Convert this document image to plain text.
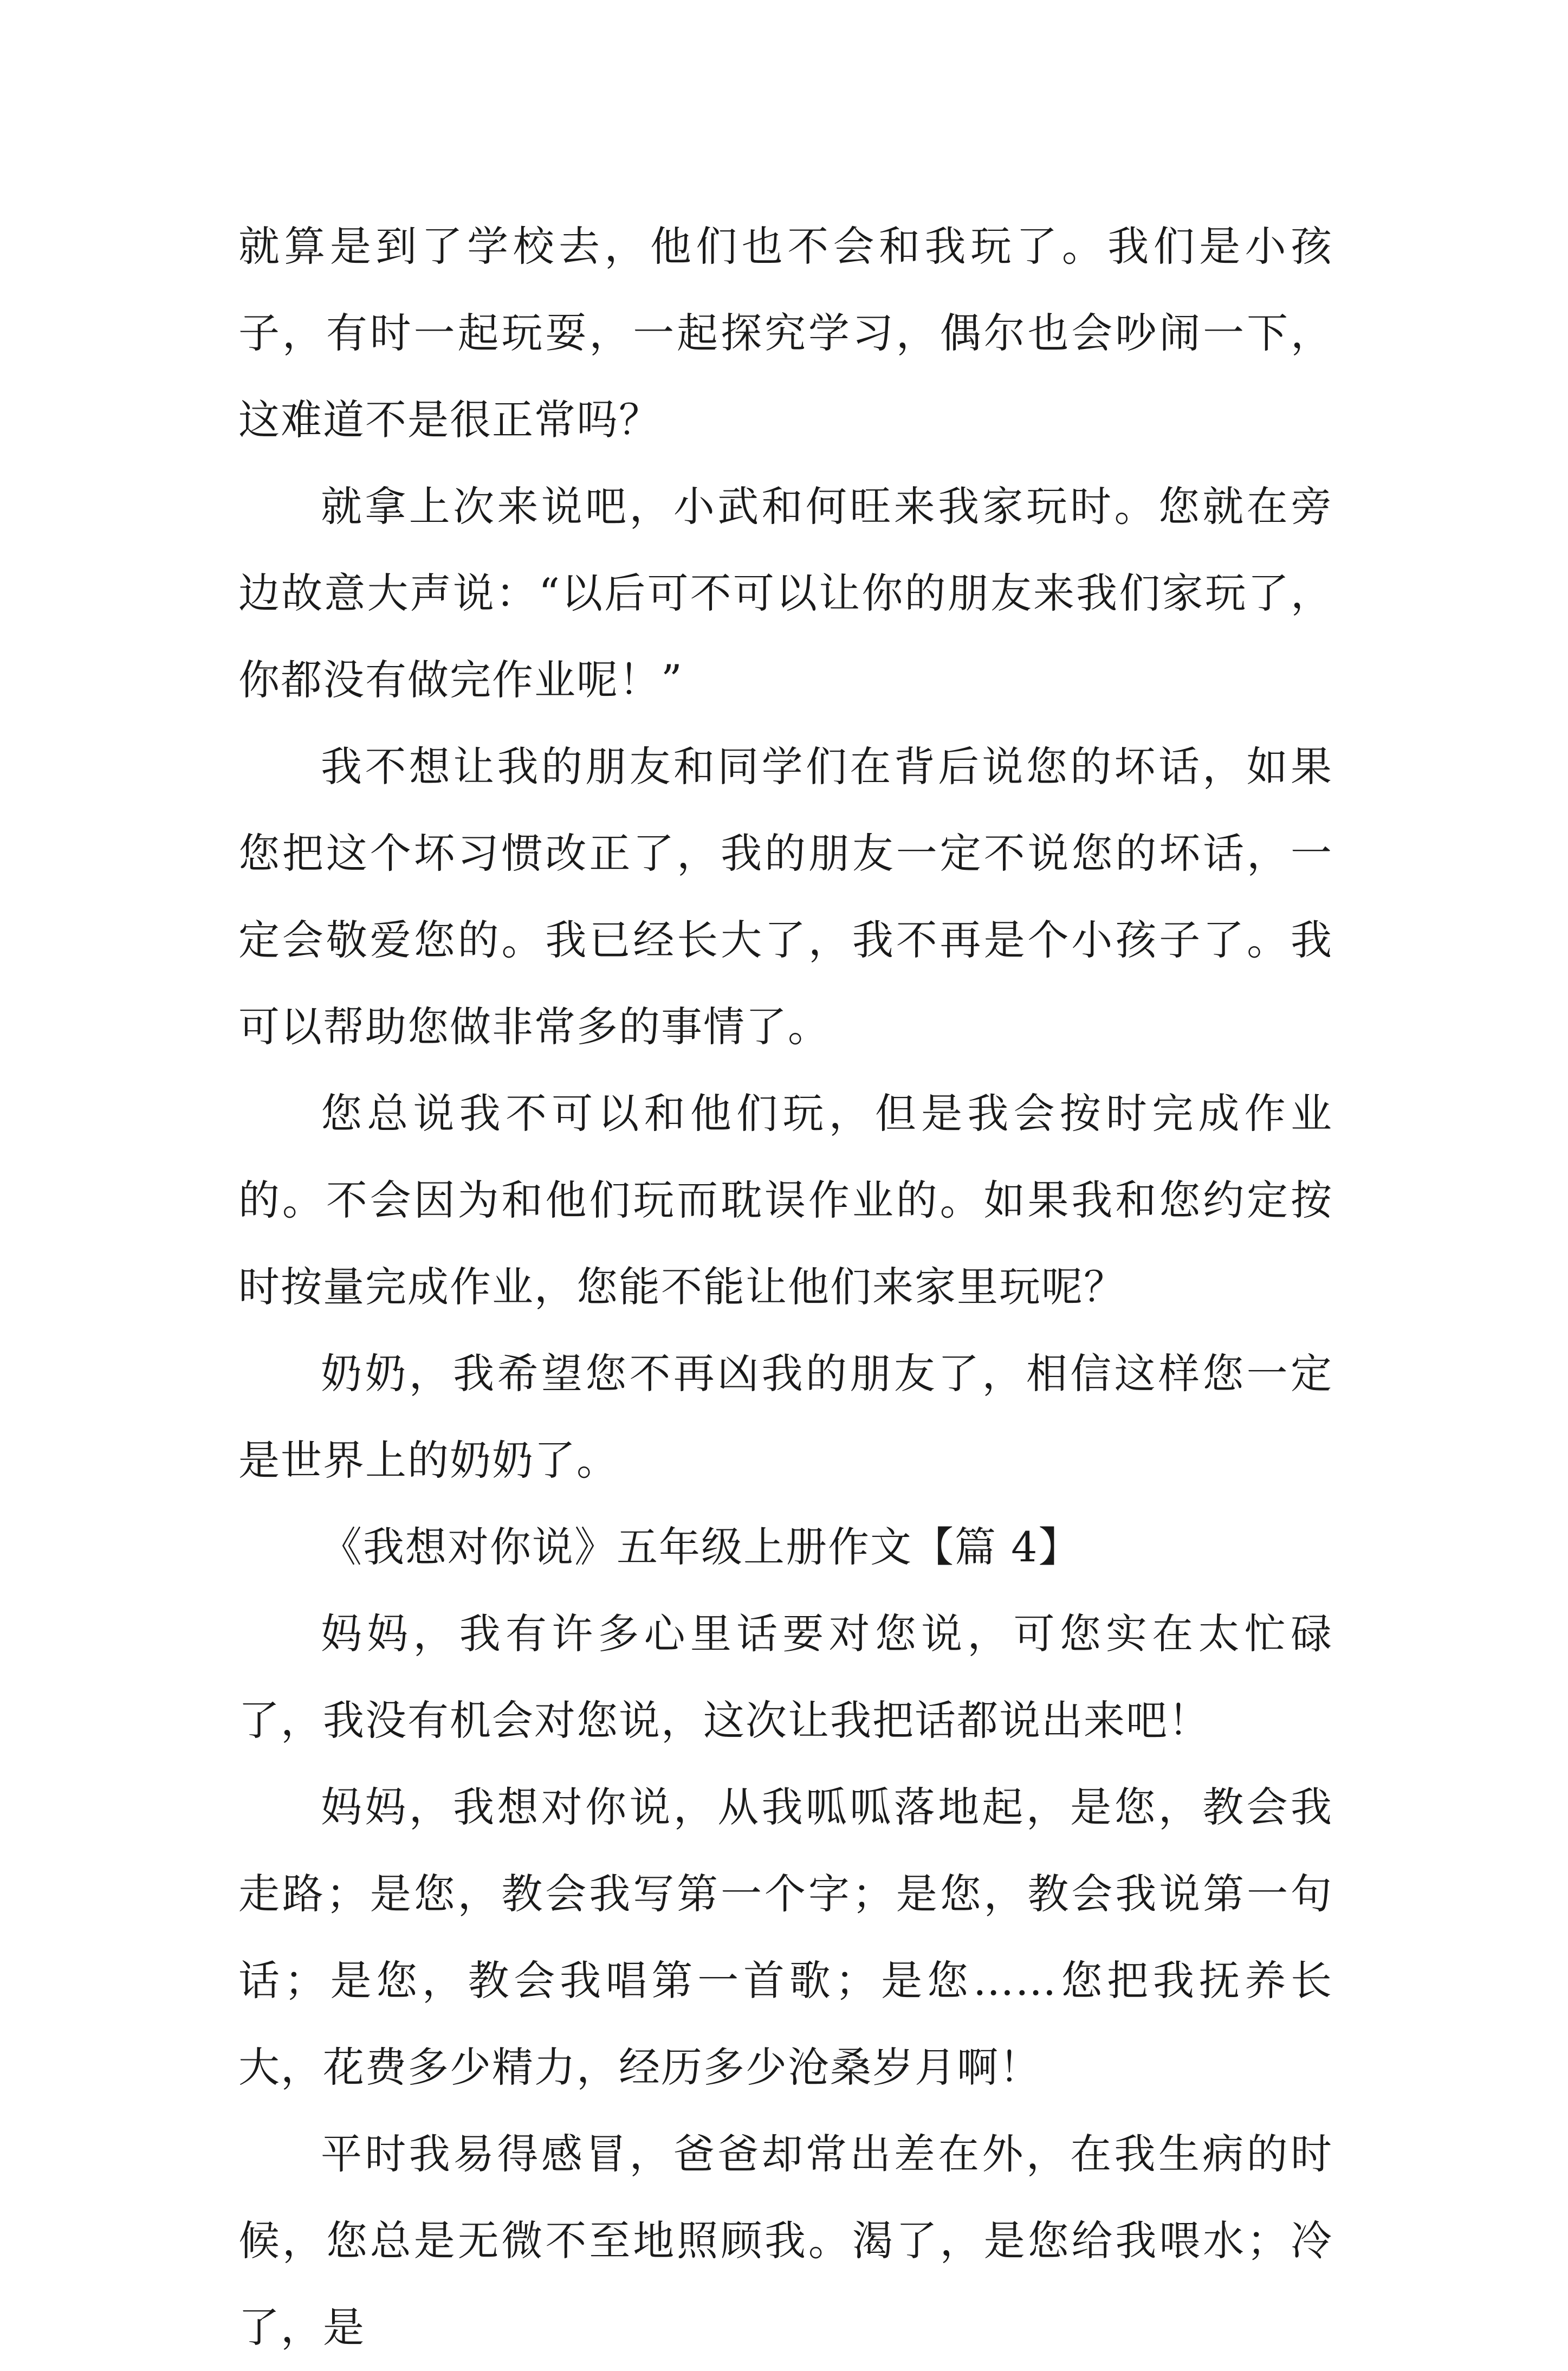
就算是到了学校去，他们也不会和我玩了。我们是小孩子，有时一起玩耍，一起探究学习，偶尔也会吵闹一下，这难道不是很正常吗？

就拿上次来说吧，小武和何旺来我家玩时。您就在旁边故意大声说：“以后可不可以让你的朋友来我们家玩了，你都没有做完作业呢！”

我不想让我的朋友和同学们在背后说您的坏话，如果您把这个坏习惯改正了，我的朋友一定不说您的坏话，一定会敬爱您的。我已经长大了，我不再是个小孩子了。我可以帮助您做非常多的事情了。

您总说我不可以和他们玩，但是我会按时完成作业的。不会因为和他们玩而耽误作业的。如果我和您约定按时按量完成作业，您能不能让他们来家里玩呢？

奶奶，我希望您不再凶我的朋友了，相信这样您一定是世界上的奶奶了。

《我想对你说》五年级上册作文【篇 4】

妈妈，我有许多心里话要对您说，可您实在太忙碌了，我没有机会对您说，这次让我把话都说出来吧！

妈妈，我想对你说，从我呱呱落地起，是您，教会我走路；是您，教会我写第一个字；是您，教会我说第一句话；是您，教会我唱第一首歌；是您……您把我抚养长大，花费多少精力，经历多少沧桑岁月啊！

平时我易得感冒，爸爸却常出差在外，在我生病的时候，您总是无微不至地照顾我。渴了，是您给我喂水；冷了，是
